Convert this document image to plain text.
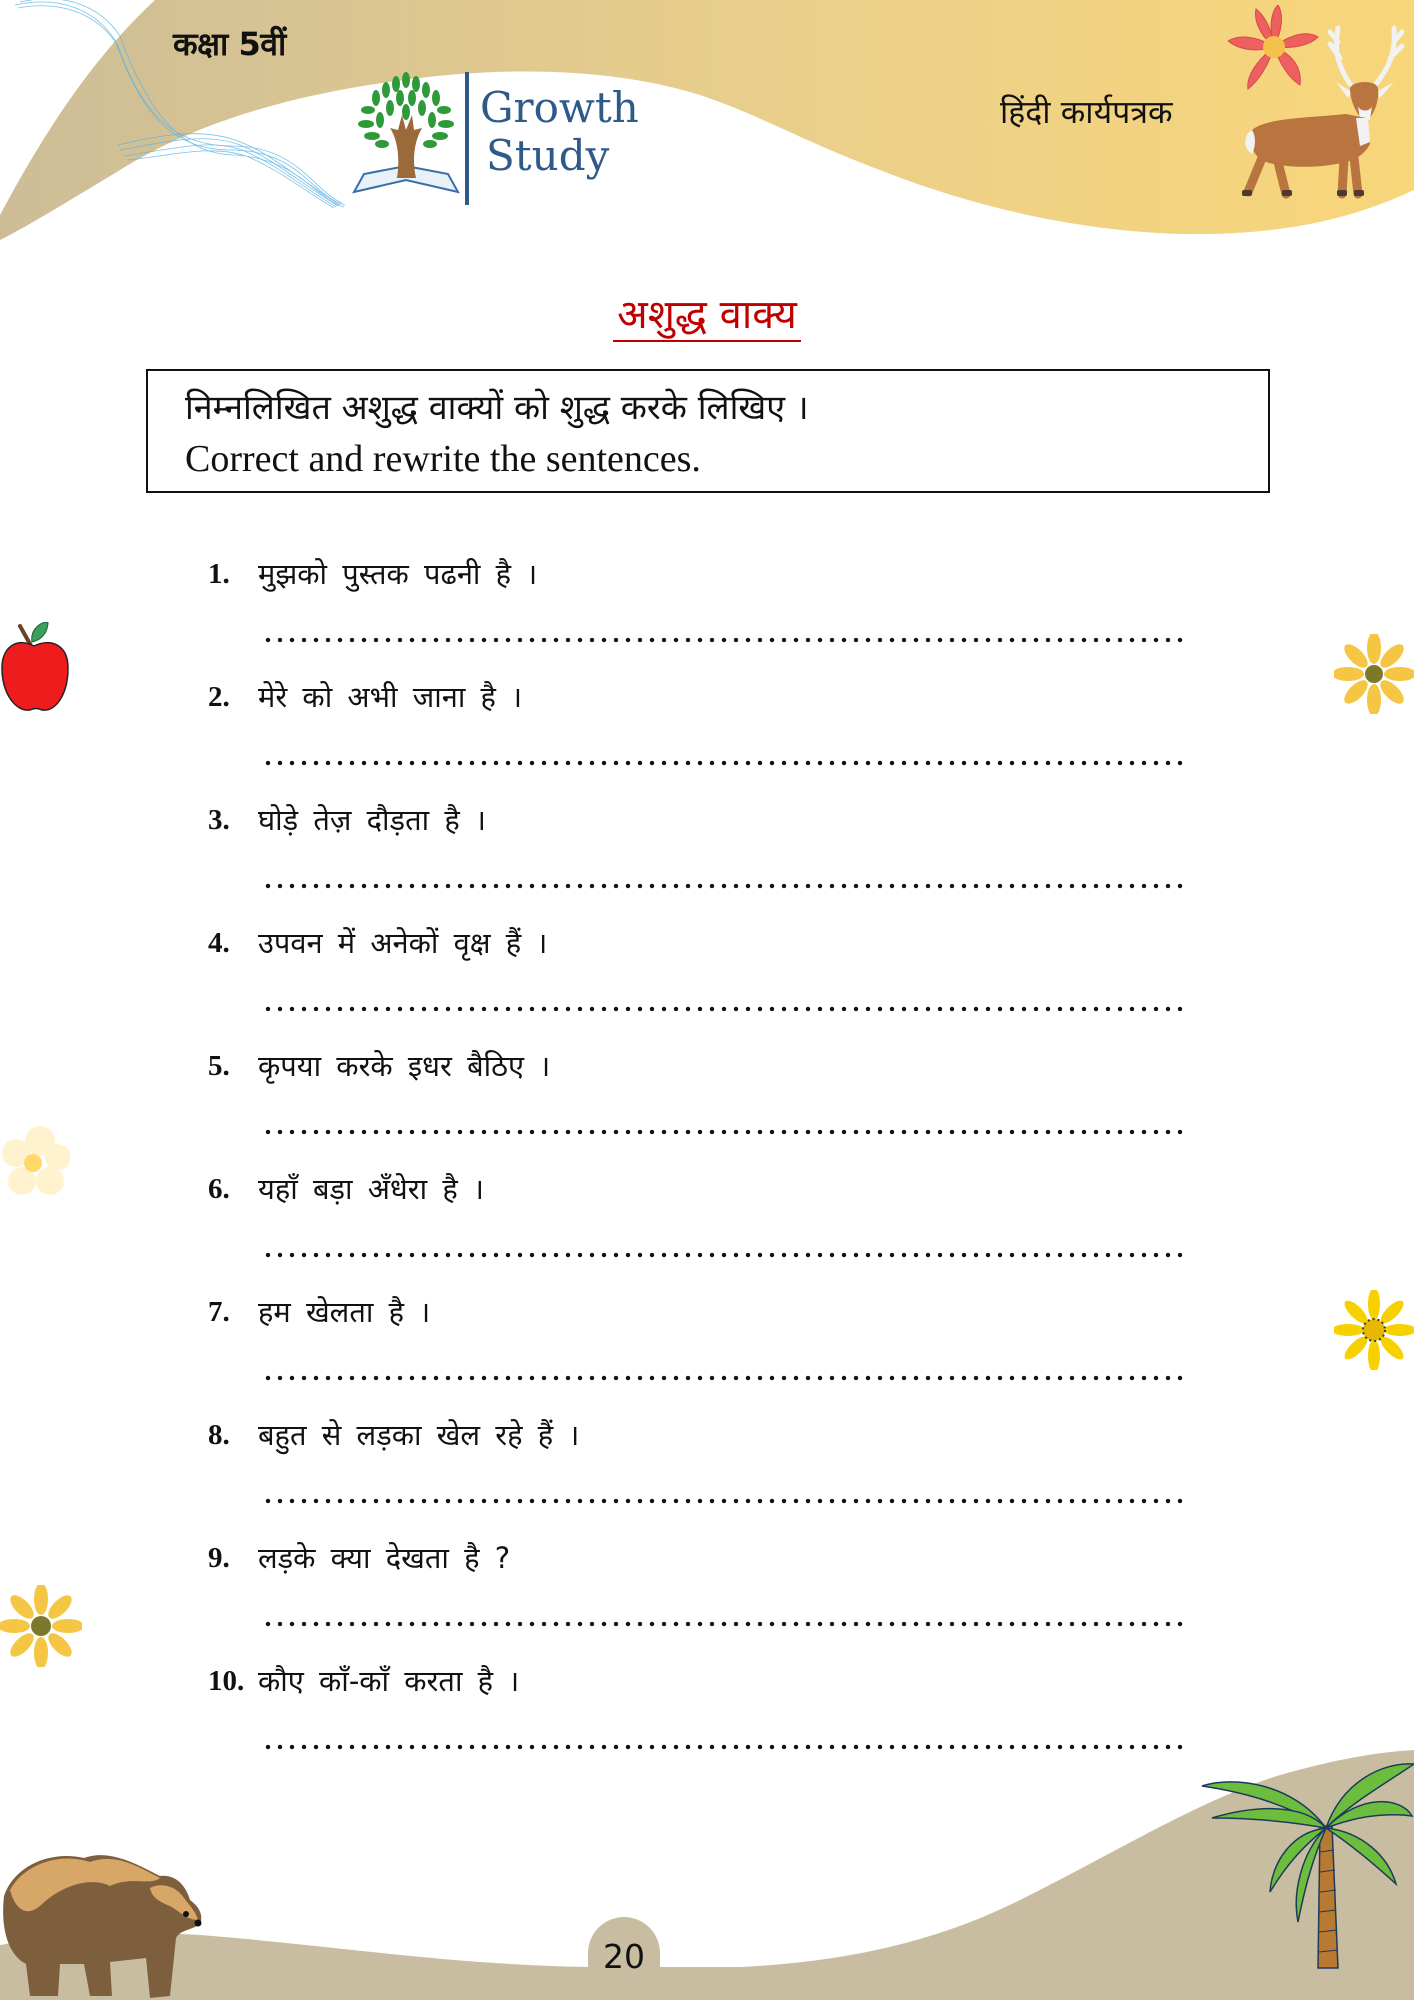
कक्षा 5वीं
Growth
Study
हिंदी कार्यपत्रक
अशुद्ध वाक्य
निम्नलिखित अशुद्ध वाक्यों को शुद्ध करके लिखिए ।
Correct and rewrite the sentences.
1. मुझको पुस्तक पढनी है ।
2. मेरे को अभी जाना है ।
3. घोड़े तेज़ दौड़ता है ।
4. उपवन में अनेकों वृक्ष हैं ।
5. कृपया करके इधर बैठिए ।
6. यहाँ बड़ा अँधेरा है ।
7. हम खेलता है ।
8. बहुत से लड़का खेल रहे हैं ।
9. लड़के क्या देखता है ?
10. कौए काँ-काँ करता है ।
20
